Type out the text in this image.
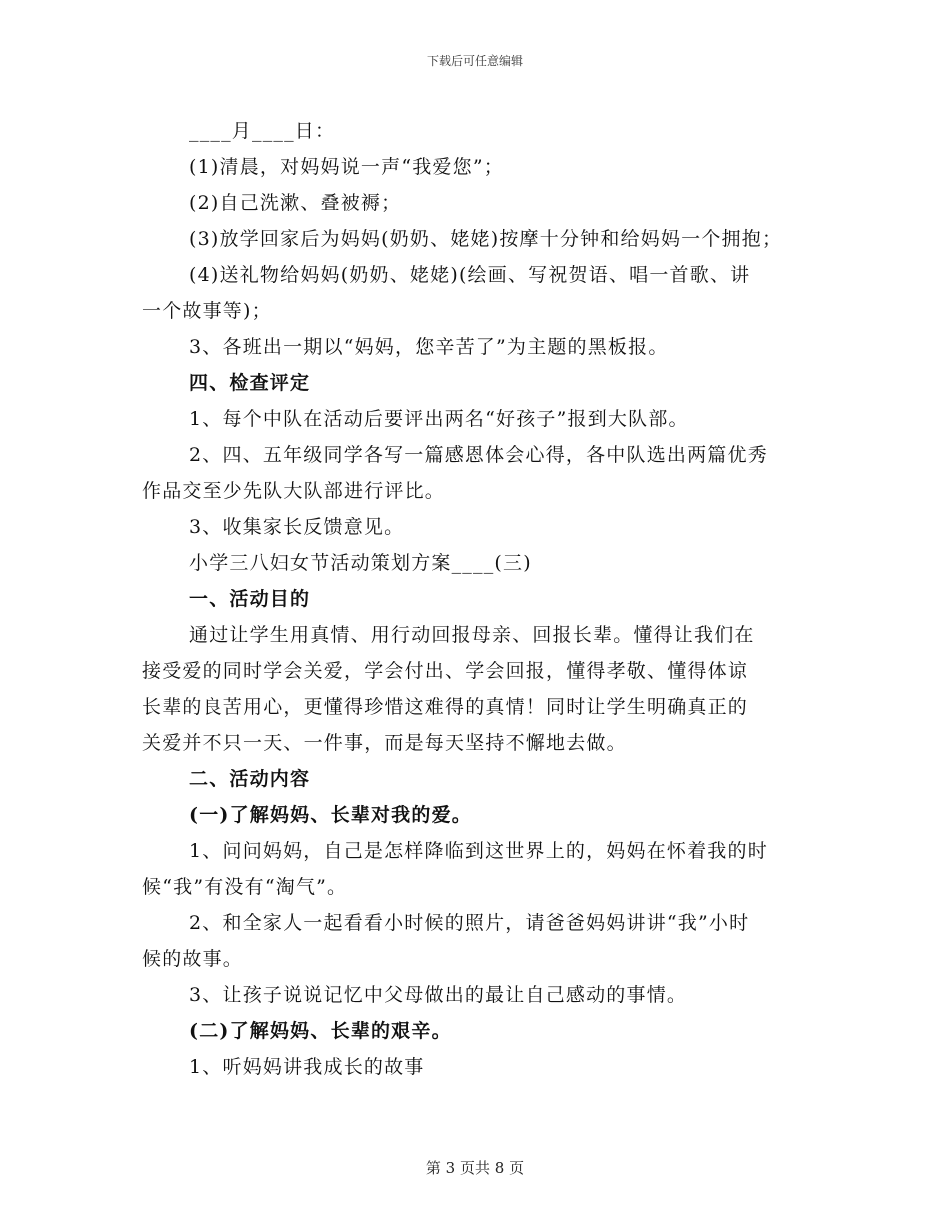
下载后可任意编辑
____月____日：
(1)清晨，对妈妈说一声“我爱您”；
(2)自己洗漱、叠被褥；
(3)放学回家后为妈妈(奶奶、姥姥)按摩十分钟和给妈妈一个拥抱；
(4)送礼物给妈妈(奶奶、姥姥)(绘画、写祝贺语、唱一首歌、讲
一个故事等)；
3、各班出一期以“妈妈，您辛苦了”为主题的黑板报。
四、检查评定
1、每个中队在活动后要评出两名“好孩子”报到大队部。
2、四、五年级同学各写一篇感恩体会心得，各中队选出两篇优秀
作品交至少先队大队部进行评比。
3、收集家长反馈意见。
小学三八妇女节活动策划方案____(三)
一、活动目的
通过让学生用真情、用行动回报母亲、回报长辈。懂得让我们在
接受爱的同时学会关爱，学会付出、学会回报，懂得孝敬、懂得体谅
长辈的良苦用心，更懂得珍惜这难得的真情！同时让学生明确真正的
关爱并不只一天、一件事，而是每天坚持不懈地去做。
二、活动内容
(一)了解妈妈、长辈对我的爱。
1、问问妈妈，自己是怎样降临到这世界上的，妈妈在怀着我的时
候“我”有没有“淘气”。
2、和全家人一起看看小时候的照片，请爸爸妈妈讲讲“我”小时
候的故事。
3、让孩子说说记忆中父母做出的最让自己感动的事情。
(二)了解妈妈、长辈的艰辛。
1、听妈妈讲我成长的故事
第 3 页共 8 页
